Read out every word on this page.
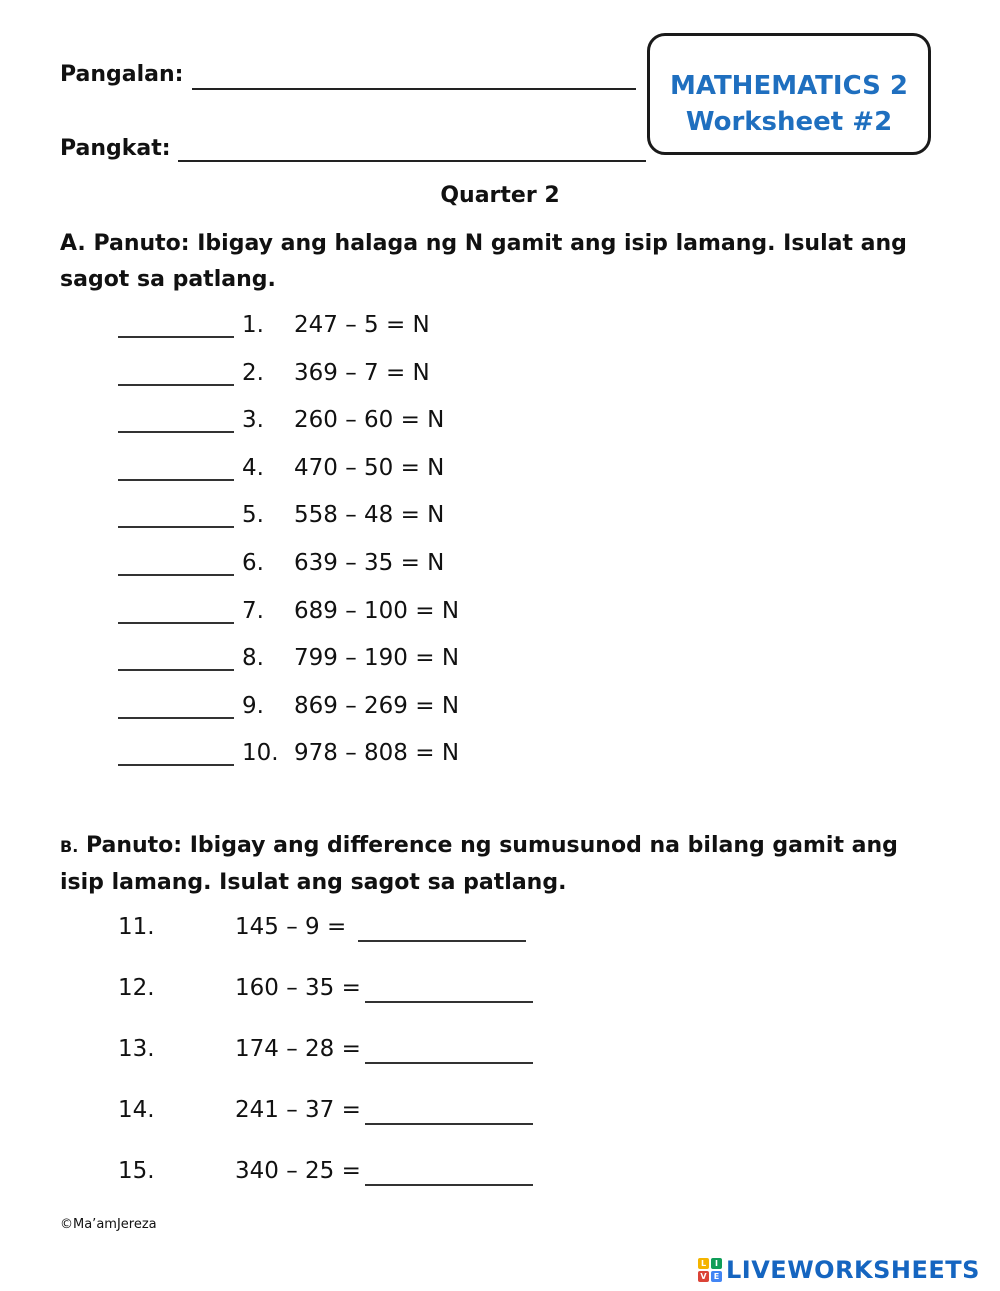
Pangalan:
Pangkat:
MATHEMATICS 2
Worksheet #2
Quarter 2
A. Panuto: Ibigay ang halaga ng N gamit ang isip lamang. Isulat ang sagot sa patlang.
1. 247 – 5 = N
2. 369 – 7 = N
3. 260 – 60 = N
4. 470 – 50 = N
5. 558 – 48 = N
6. 639 – 35 = N
7. 689 – 100 = N
8. 799 – 190 = N
9. 869 – 269 = N
10. 978 – 808 = N
B. Panuto: Ibigay ang difference ng sumusunod na bilang gamit ang isip lamang. Isulat ang sagot sa patlang.
11.	145 – 9 =
12.	160 – 35 =
13.	174 – 28 =
14.	241 – 37 =
15.	340 – 25 =
©Ma’amJereza
L	I
V E LIVEWORKSHEETS
